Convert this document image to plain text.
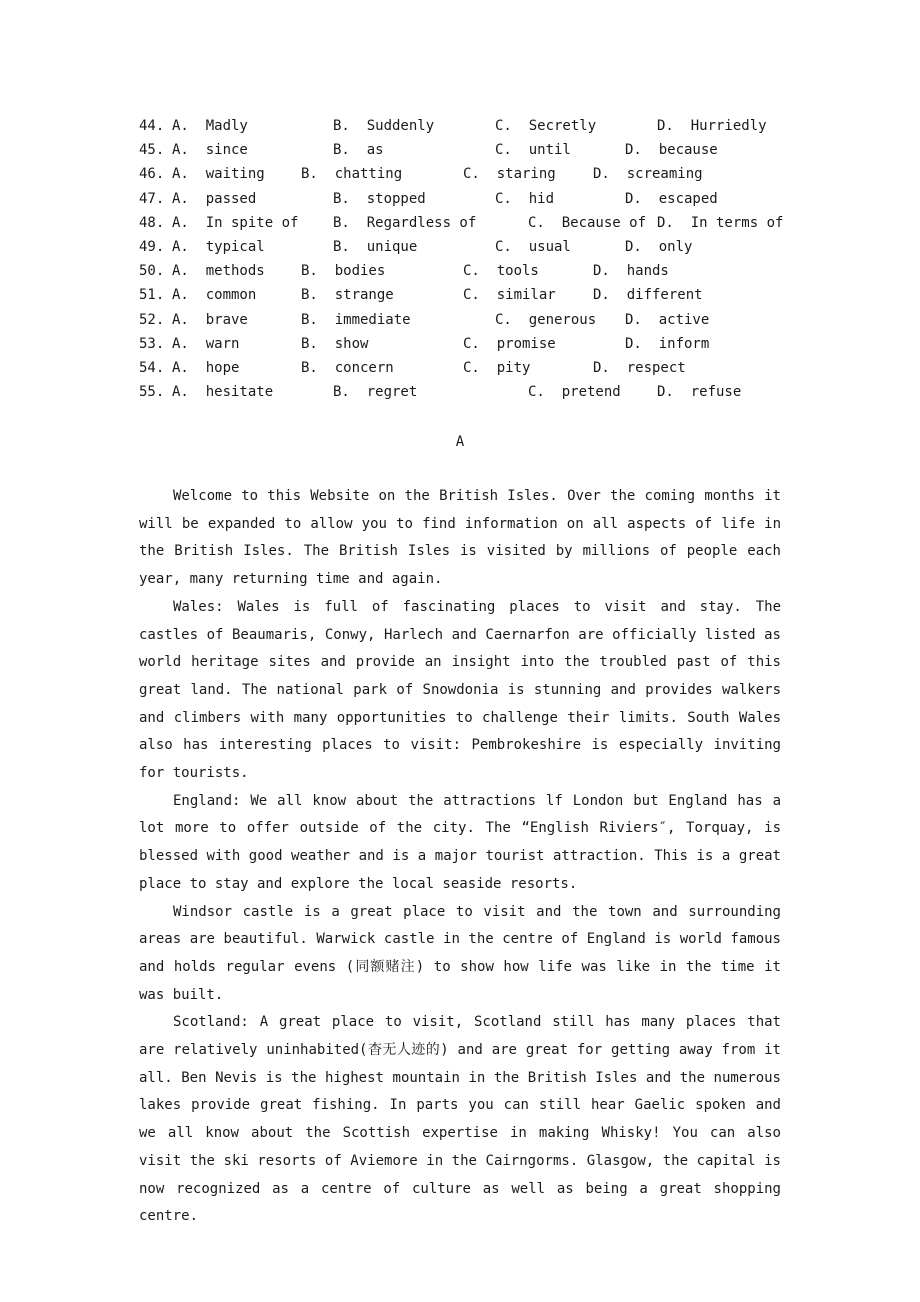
44.

A.  Madly

	B.  Suddenly

	C.  Secretly

	D.  Hurriedly

45.

A.  since

	B.  as

	C.  until

	D.  because

46.

A.  waiting

	B.  chatting

	C.  staring

	D.  screaming

47.

A.  passed

	B.  stopped

	C.  hid

	D.  escaped

48.

A.  In spite of

B.  Regardless of

	C.  Because of

D.  In terms of

49.

A.  typical

	B.  unique

	C.  usual

	D.  only

50.

A.  methods

	B.  bodies

	C.  tools

	D.  hands

51.

A.  common

	B.  strange

	C.  similar

	D.  different

52.

A.  brave

	B.  immediate

	C.  generous

D.  active

53.

A.  warn

	B.  show

	C.  promise

	D.  inform

54.

A.  hope

	B.  concern

	C.  pity

	D.  respect

55.

A.  hesitate

	B.  regret

	C.  pretend

	D.  refuse

A

Welcome to this Website on the British Isles. Over the coming months it will be expanded to allow you to find information on all aspects of life in the British Isles. The British Isles is visited by millions of people each year, many returning time and again.

Wales: Wales is full of fascinating places to visit and stay. The castles of Beaumaris, Conwy, Harlech and Caernarfon are officially listed as world heritage sites and provide an insight into the troubled past of this great land. The national park of Snowdonia is stunning and provides walkers and climbers with many opportunities to challenge their limits. South Wales also has interesting places to visit: Pembrokeshire is especially inviting for tourists.

England: We all know about the attractions lf London but England has a lot more to offer outside of the city. The “English Riviers″, Torquay, is blessed with good weather and is a major tourist attraction. This is a great place to stay and explore the local seaside resorts.

Windsor castle is a great place to visit and the town and surrounding areas are beautiful. Warwick castle in the centre of England is world famous and holds regular evens (同额赌注) to show how life was like in the time it was built.

Scotland: A great place to visit, Scotland still has many places that are relatively uninhabited(杳无人迹的) and are great for getting away from it all. Ben Nevis is the highest mountain in the British Isles and the numerous lakes provide great fishing. In parts you can still hear Gaelic spoken and we all know about the Scottish expertise in making Whisky! You can also visit the ski resorts of Aviemore in the Cairngorms. Glasgow, the capital is now recognized as a centre of culture as well as being a great shopping centre.
